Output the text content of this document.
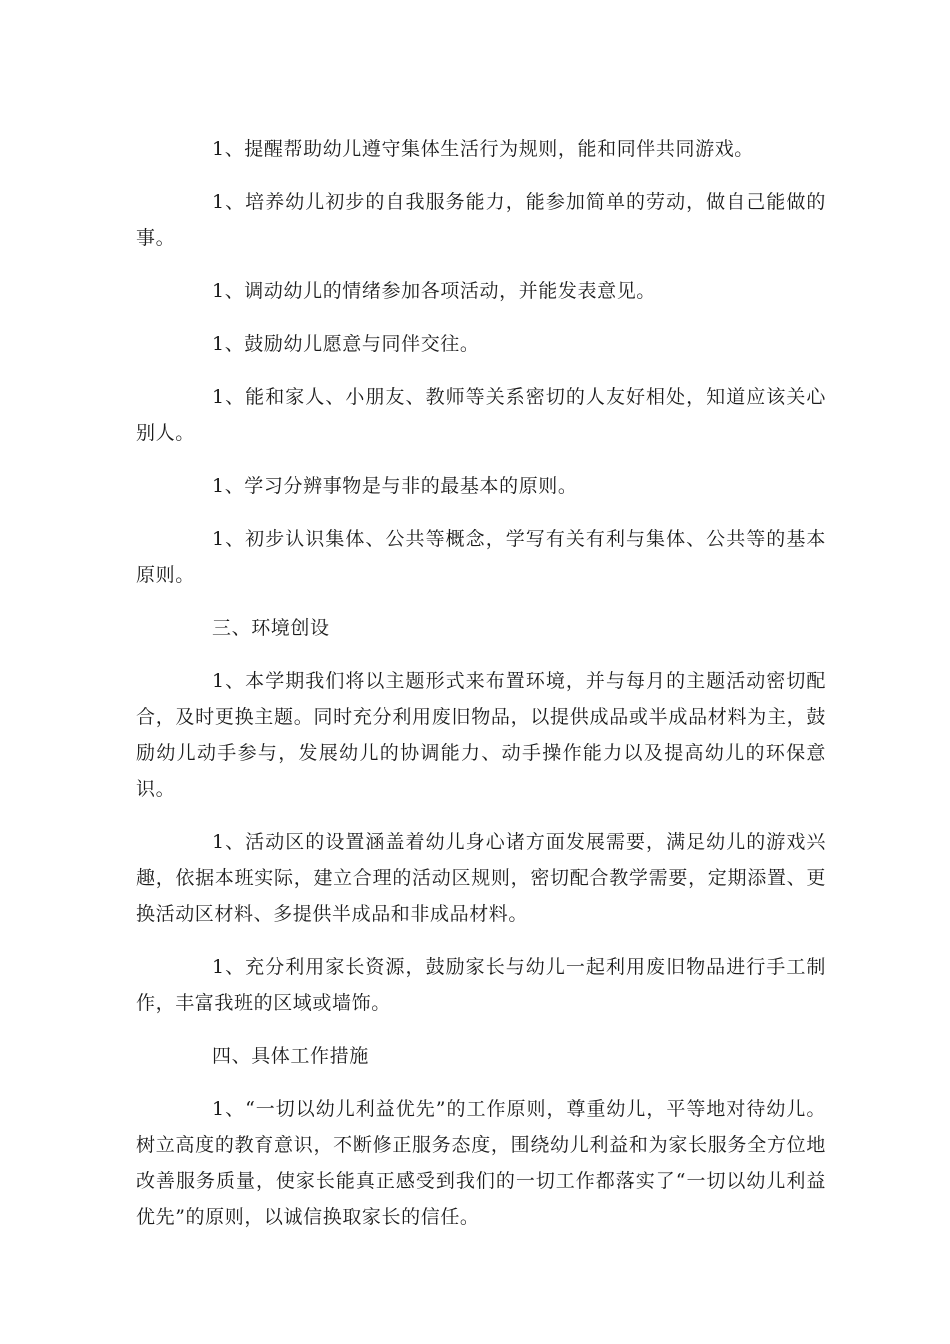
1、提醒帮助幼儿遵守集体生活行为规则，能和同伴共同游戏。

1、培养幼儿初步的自我服务能力，能参加简单的劳动，做自己能做的事。

1、调动幼儿的情绪参加各项活动，并能发表意见。

1、鼓励幼儿愿意与同伴交往。

1、能和家人、小朋友、教师等关系密切的人友好相处，知道应该关心别人。

1、学习分辨事物是与非的最基本的原则。

1、初步认识集体、公共等概念，学写有关有利与集体、公共等的基本原则。

三、环境创设

1、本学期我们将以主题形式来布置环境，并与每月的主题活动密切配合，及时更换主题。同时充分利用废旧物品，以提供成品或半成品材料为主，鼓励幼儿动手参与，发展幼儿的协调能力、动手操作能力以及提高幼儿的环保意识。

1、活动区的设置涵盖着幼儿身心诸方面发展需要，满足幼儿的游戏兴趣，依据本班实际，建立合理的活动区规则，密切配合教学需要，定期添置、更换活动区材料、多提供半成品和非成品材料。

1、充分利用家长资源，鼓励家长与幼儿一起利用废旧物品进行手工制作，丰富我班的区域或墙饰。

四、具体工作措施

1、“一切以幼儿利益优先”的工作原则，尊重幼儿，平等地对待幼儿。树立高度的教育意识，不断修正服务态度，围绕幼儿利益和为家长服务全方位地改善服务质量，使家长能真正感受到我们的一切工作都落实了“一切以幼儿利益优先”的原则，以诚信换取家长的信任。
